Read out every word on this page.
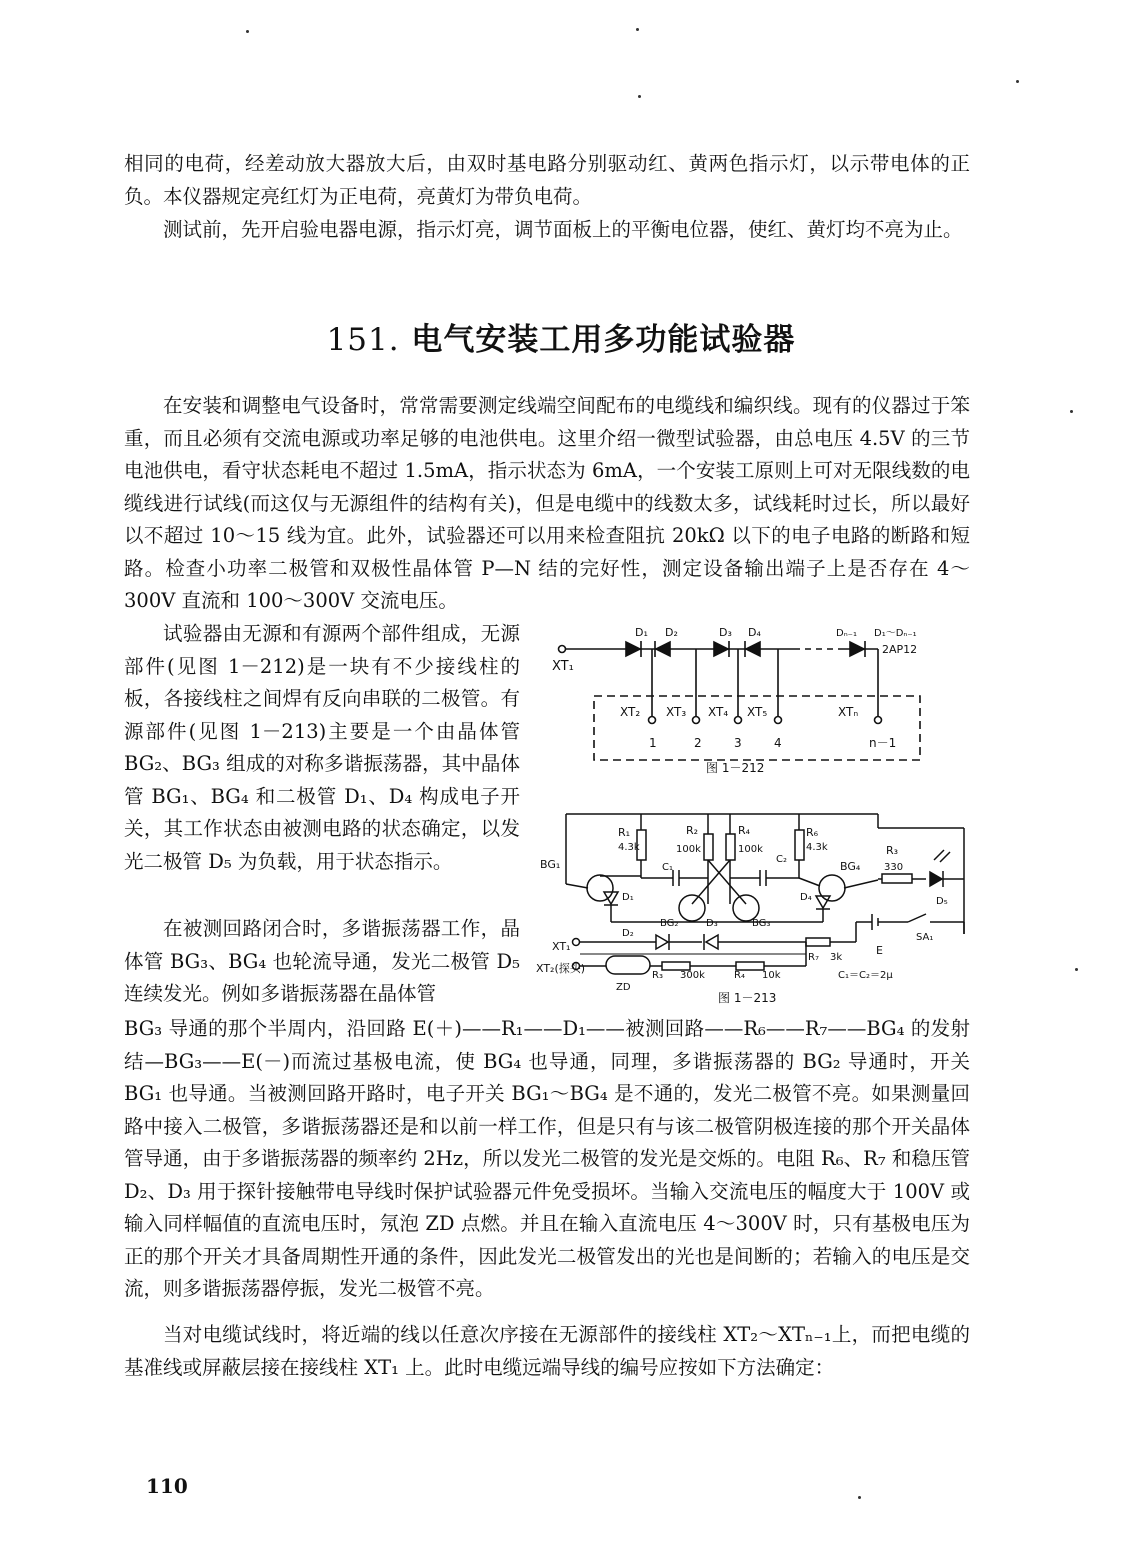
相同的电荷，经差动放大器放大后，由双时基电路分别驱动红、黄两色指示灯，以示带电体的正负。本仪器规定亮红灯为正电荷，亮黄灯为带负电荷。

测试前，先开启验电器电源，指示灯亮，调节面板上的平衡电位器，使红、黄灯均不亮为止。

151. 电气安装工用多功能试验器

在安装和调整电气设备时，常常需要测定线端空间配布的电缆线和编织线。现有的仪器过于笨重，而且必须有交流电源或功率足够的电池供电。这里介绍一微型试验器，由总电压 4.5V 的三节电池供电，看守状态耗电不超过 1.5mA，指示状态为 6mA，一个安装工原则上可对无限线数的电缆线进行试线(而这仅与无源组件的结构有关)，但是电缆中的线数太多，试线耗时过长，所以最好以不超过 10～15 线为宜。此外，试验器还可以用来检查阻抗 20kΩ 以下的电子电路的断路和短路。检查小功率二极管和双极性晶体管 P—N 结的完好性，测定设备输出端子上是否存在 4～300V 直流和 100～300V 交流电压。

试验器由无源和有源两个部件组成，无源部件(见图 1－212)是一块有不少接线柱的板，各接线柱之间焊有反向串联的二极管。有源部件(见图 1－213)主要是一个由晶体管 BG₂、BG₃ 组成的对称多谐振荡器，其中晶体管 BG₁、BG₄ 和二极管 D₁、D₄ 构成电子开关，其工作状态由被测电路的状态确定，以发光二极管 D₅ 为负载，用于状态指示。

在被测回路闭合时，多谐振荡器工作，晶体管 BG₃、BG₄ 也轮流导通，发光二极管 D₅ 连续发光。例如多谐振荡器在晶体管

BG₃ 导通的那个半周内，沿回路 E(＋)——R₁——D₁——被测回路——R₆——R₇——BG₄ 的发射结—BG₃——E(－)而流过基极电流，使 BG₄ 也导通，同理，多谐振荡器的 BG₂ 导通时，开关 BG₁ 也导通。当被测回路开路时，电子开关 BG₁～BG₄ 是不通的，发光二极管不亮。如果测量回路中接入二极管，多谐振荡器还是和以前一样工作，但是只有与该二极管阴极连接的那个开关晶体管导通，由于多谐振荡器的频率约 2Hz，所以发光二极管的发光是交烁的。电阻 R₆、R₇ 和稳压管 D₂、D₃ 用于探针接触带电导线时保护试验器元件免受损坏。当输入交流电压的幅度大于 100V 或输入同样幅值的直流电压时，氖泡 ZD 点燃。并且在输入直流电压 4～300V 时，只有基极电压为正的那个开关才具备周期性开通的条件，因此发光二极管发出的光也是间断的；若输入的电压是交流，则多谐振荡器停振，发光二极管不亮。

当对电缆试线时，将近端的线以任意次序接在无源部件的接线柱 XT₂～XTₙ₋₁上，而把电缆的基准线或屏蔽层接在接线柱 XT₁ 上。此时电缆远端导线的编号应按如下方法确定：

XT₁
D₁ D₂	D₃ D₄	Dₙ₋₁ D₁～Dₙ₋₁
2AP12
XT₂ XT₃ XT₄ XT₅	XTₙ
1	2	3	4	n－1
图 1－212
R₁
4.3k
R₂
100k
R₄
100k
R₆
4.3k	R₃
330
BG₁
BG₂	BG₃
BG₄
C₁
C₂
D₁
D₂
D₃
D₄	D₅
XT₁
XT₂(探头)
ZD
R₃ 300k	R₄ 10k
R₇ 3k
E
SA₁
C₁＝C₂＝2μ
图 1－213
110
